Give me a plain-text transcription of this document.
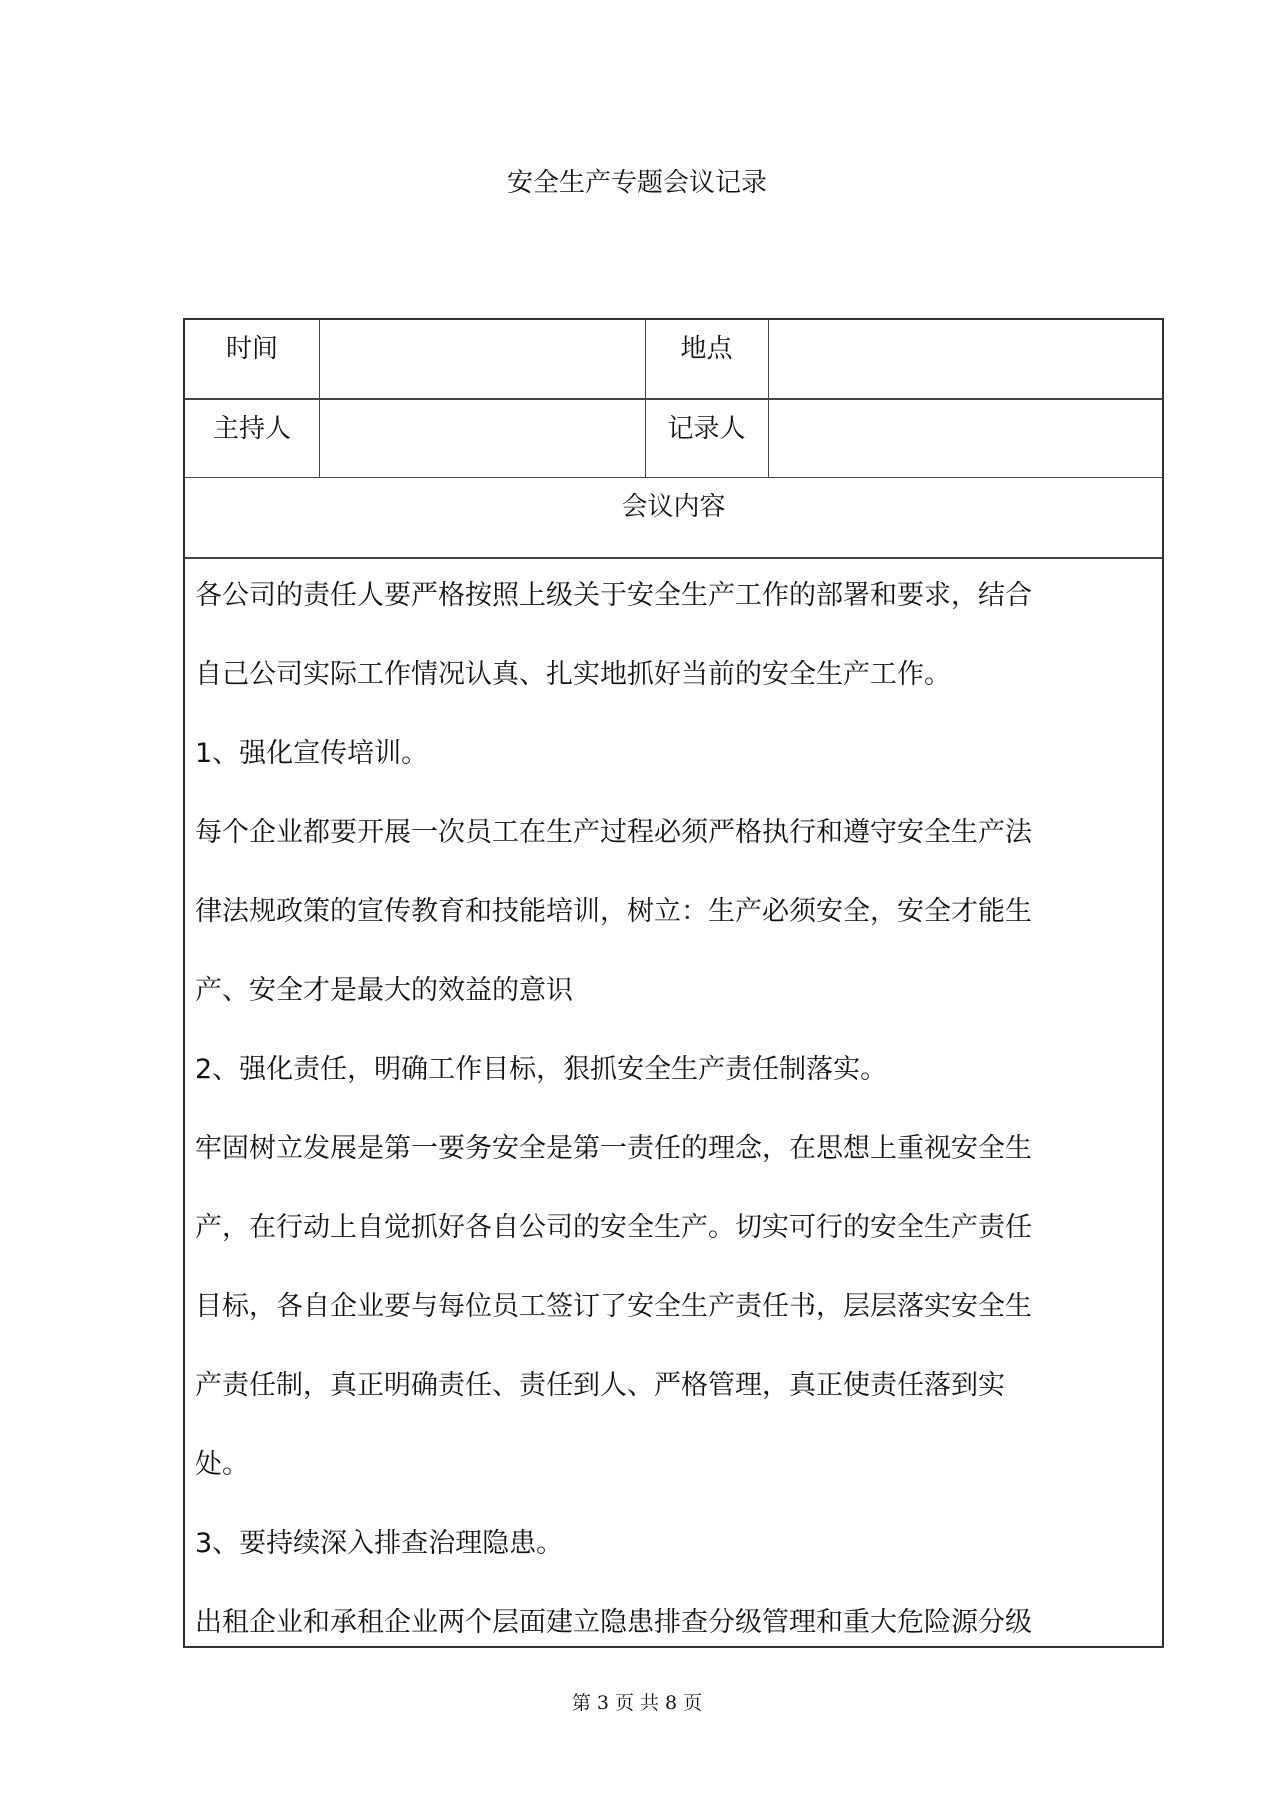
安全生产专题会议记录
时间	地点
主持人	记录人
会议内容
各公司的责任人要严格按照上级关于安全生产工作的部署和要求，结合
自己公司实际工作情况认真、扎实地抓好当前的安全生产工作。
1、强化宣传培训。
每个企业都要开展一次员工在生产过程必须严格执行和遵守安全生产法
律法规政策的宣传教育和技能培训，树立：生产必须安全，安全才能生
产、安全才是最大的效益的意识
2、强化责任，明确工作目标，狠抓安全生产责任制落实。
牢固树立发展是第一要务安全是第一责任的理念，在思想上重视安全生
产，在行动上自觉抓好各自公司的安全生产。切实可行的安全生产责任
目标，各自企业要与每位员工签订了安全生产责任书，层层落实安全生
产责任制，真正明确责任、责任到人、严格管理，真正使责任落到实
处。
3、要持续深入排查治理隐患。
出租企业和承租企业两个层面建立隐患排查分级管理和重大危险源分级
第 3 页 共 8 页
